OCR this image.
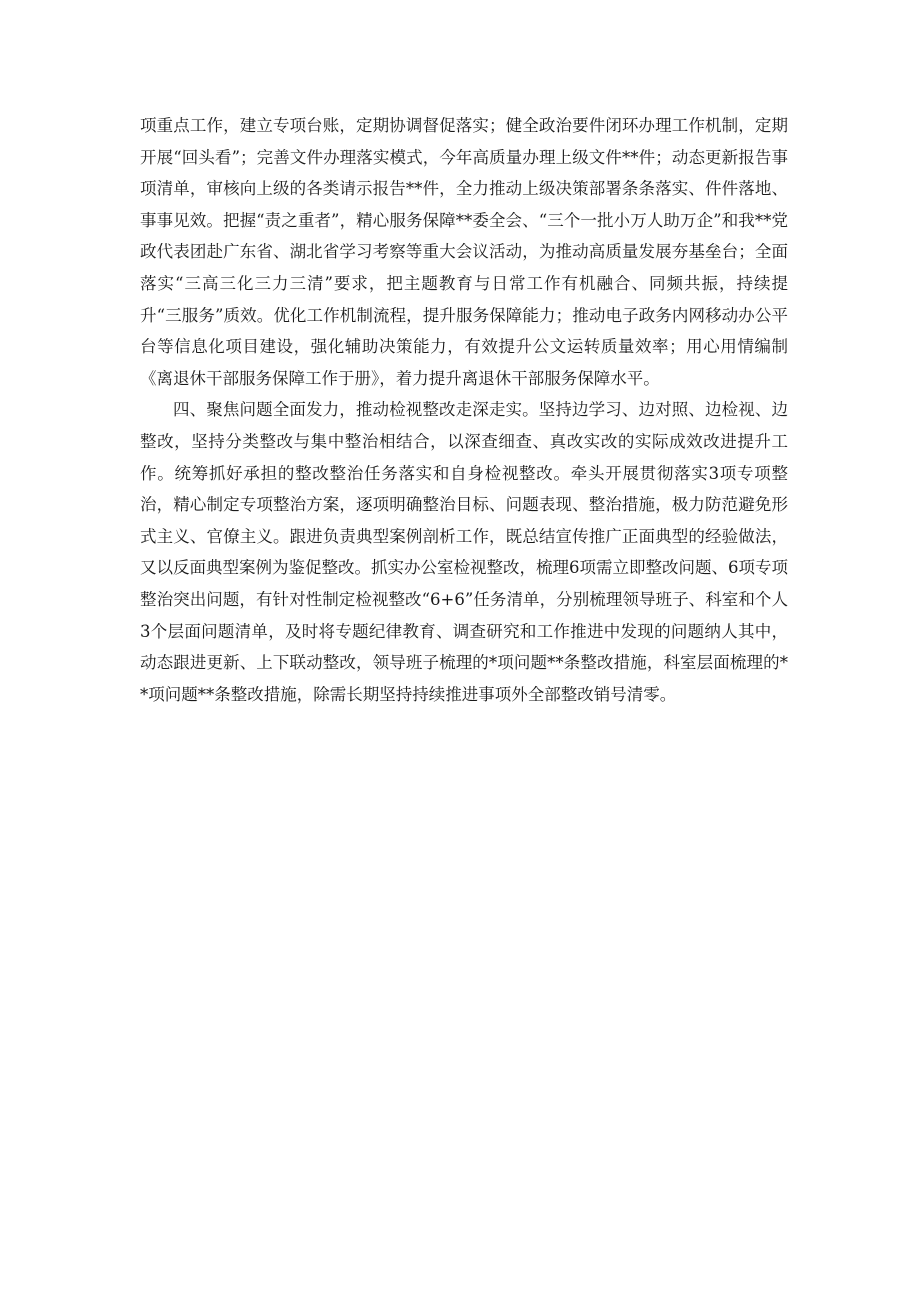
项重点工作，建立专项台账，定期协调督促落实；健全政治要件闭环办理工作机制，定期开展“回头看”；完善文件办理落实模式，今年高质量办理上级文件**件；动态更新报告事项清单，审核向上级的各类请示报告**件，全力推动上级决策部署条条落实、件件落地、事事见效。把握“责之重者”，精心服务保障**委全会、“三个一批小万人助万企”和我**党政代表团赴广东省、湖北省学习考察等重大会议活动，为推动高质量发展夯基垒台；全面落实“三高三化三力三清”要求，把主题教育与日常工作有机融合、同频共振，持续提升“三服务”质效。优化工作机制流程，提升服务保障能力；推动电子政务内网移动办公平台等信息化项目建设，强化辅助决策能力，有效提升公文运转质量效率；用心用情编制《离退休干部服务保障工作于册》，着力提升离退休干部服务保障水平。

四、聚焦问题全面发力，推动检视整改走深走实。坚持边学习、边对照、边检视、边整改，坚持分类整改与集中整治相结合，以深查细查、真改实改的实际成效改进提升工作。统筹抓好承担的整改整治任务落实和自身检视整改。牵头开展贯彻落实3项专项整治，精心制定专项整治方案，逐项明确整治目标、问题表现、整治措施，极力防范避免形式主义、官僚主义。跟进负责典型案例剖析工作，既总结宣传推广正面典型的经验做法，又以反面典型案例为鉴促整改。抓实办公室检视整改，梳理6项需立即整改问题、6项专项整治突出问题，有针对性制定检视整改“6+6”任务清单，分别梳理领导班子、科室和个人3个层面问题清单，及时将专题纪律教育、调查研究和工作推进中发现的问题纳人其中，动态跟进更新、上下联动整改，领导班子梳理的*项问题**条整改措施，科室层面梳理的**项问题**条整改措施，除需长期坚持持续推进事项外全部整改销号清零。
